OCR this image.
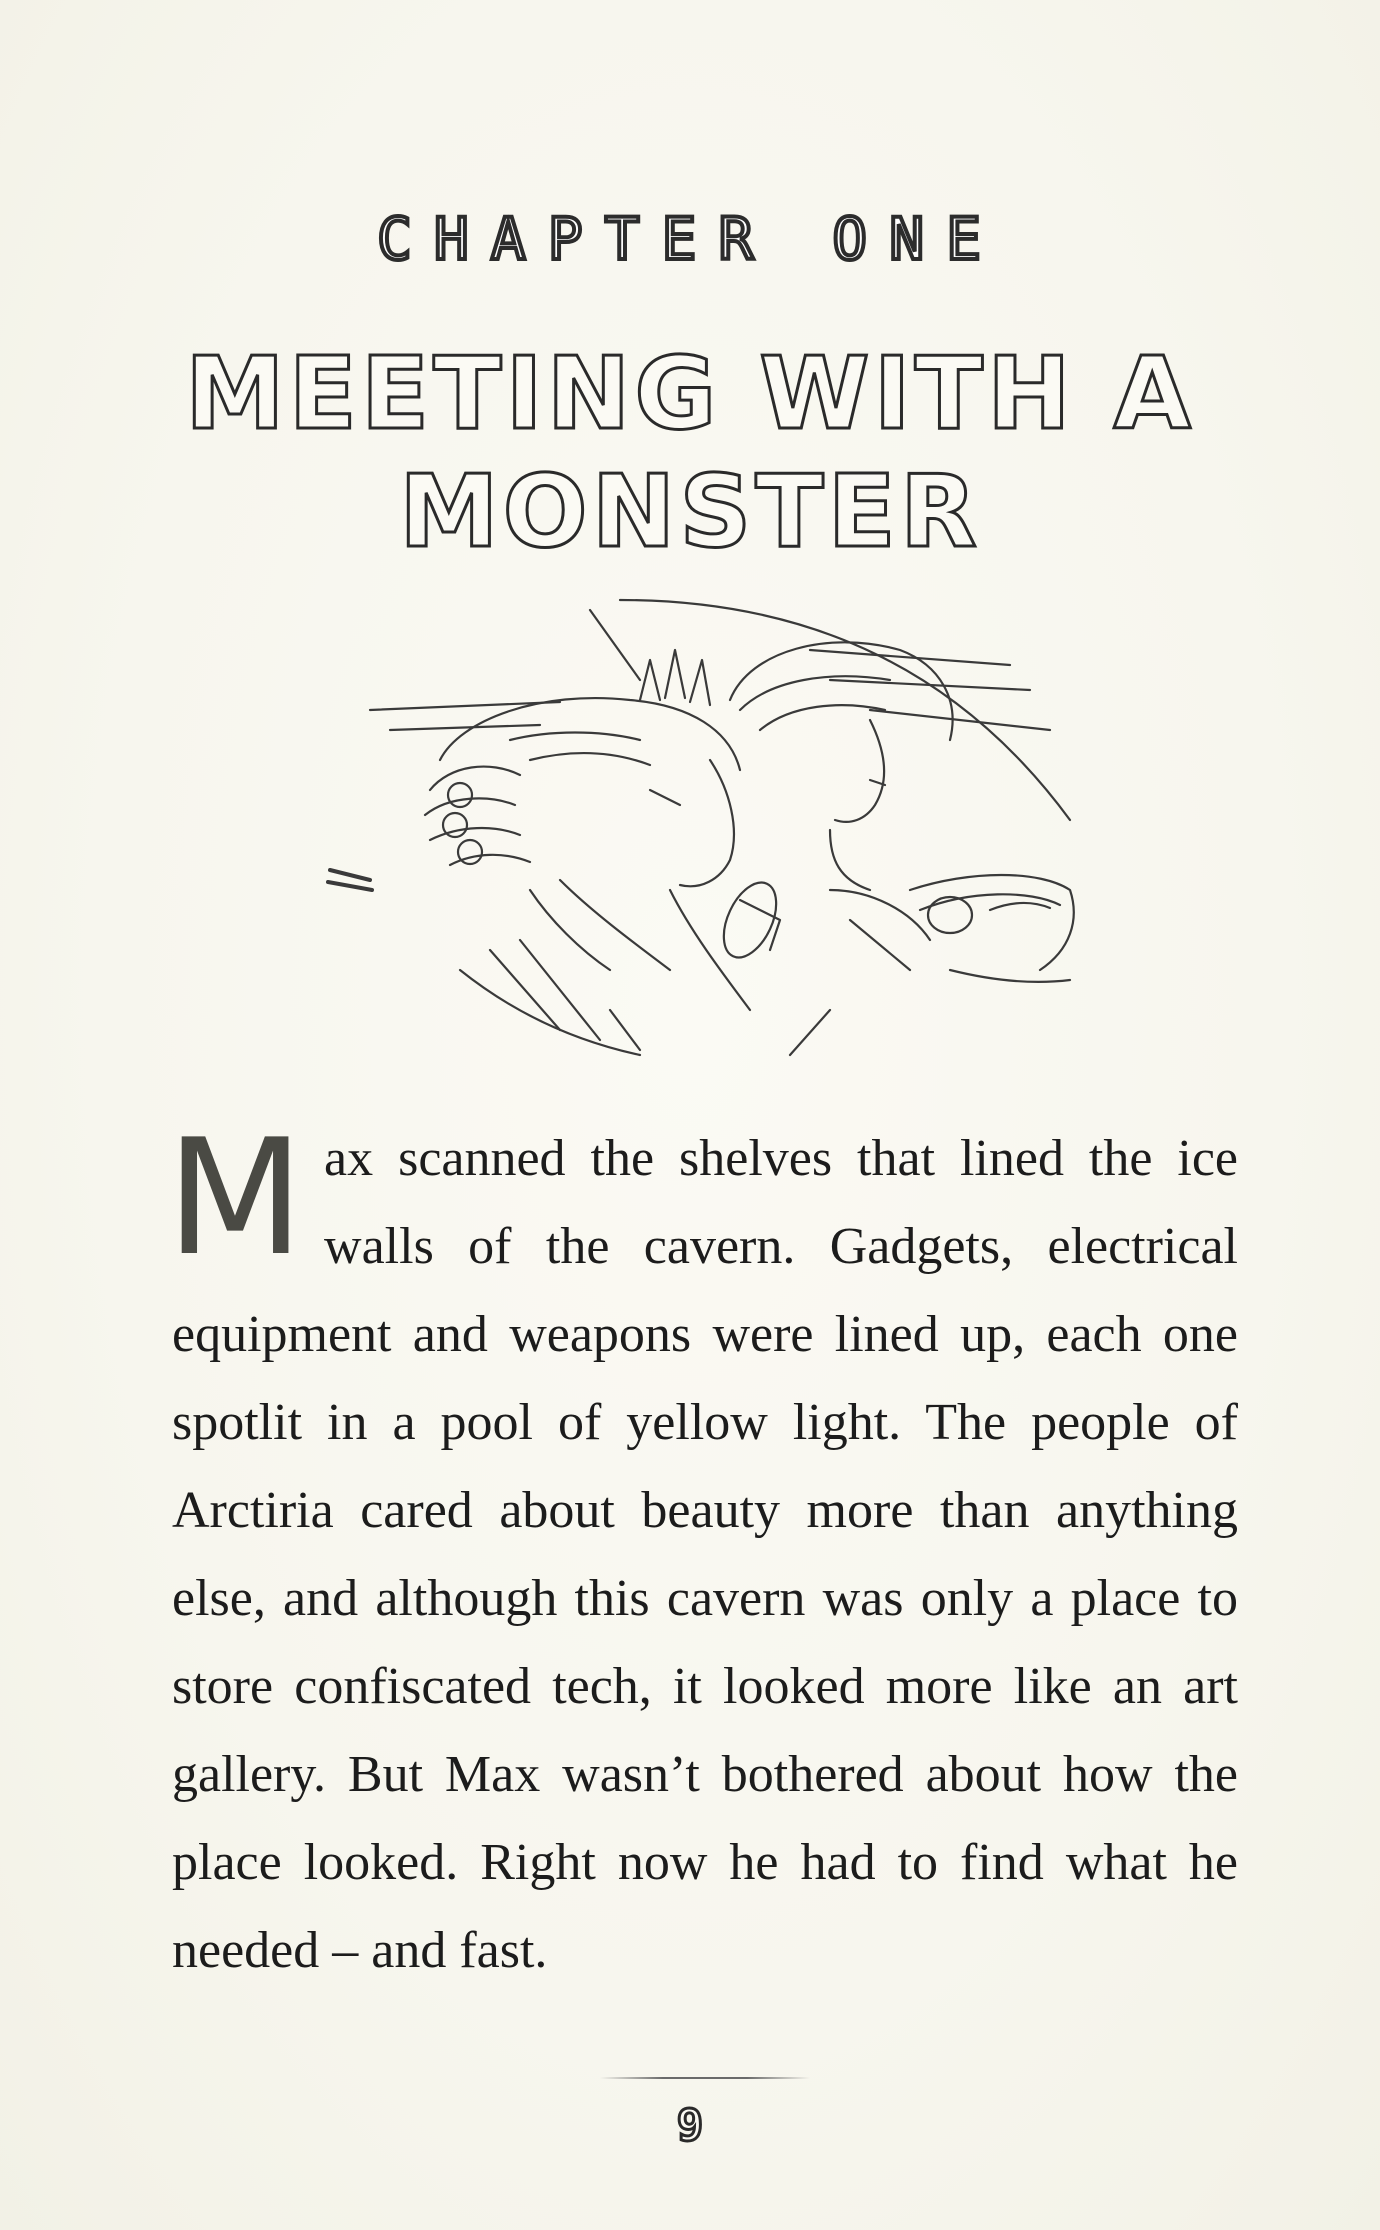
CHAPTER ONE
MEETING WITH A MONSTER
M ax scanned the shelves that lined the ice walls of the cavern. Gadgets, electrical equipment and weapons were lined up, each one spotlit in a pool of yellow light. The people of Arctiria cared about beauty more than anything else, and although this cavern was only a place to store confiscated tech, it looked more like an art gallery. But Max wasn’t bothered about how the place looked. Right now he had to find what he needed – and fast.
9
